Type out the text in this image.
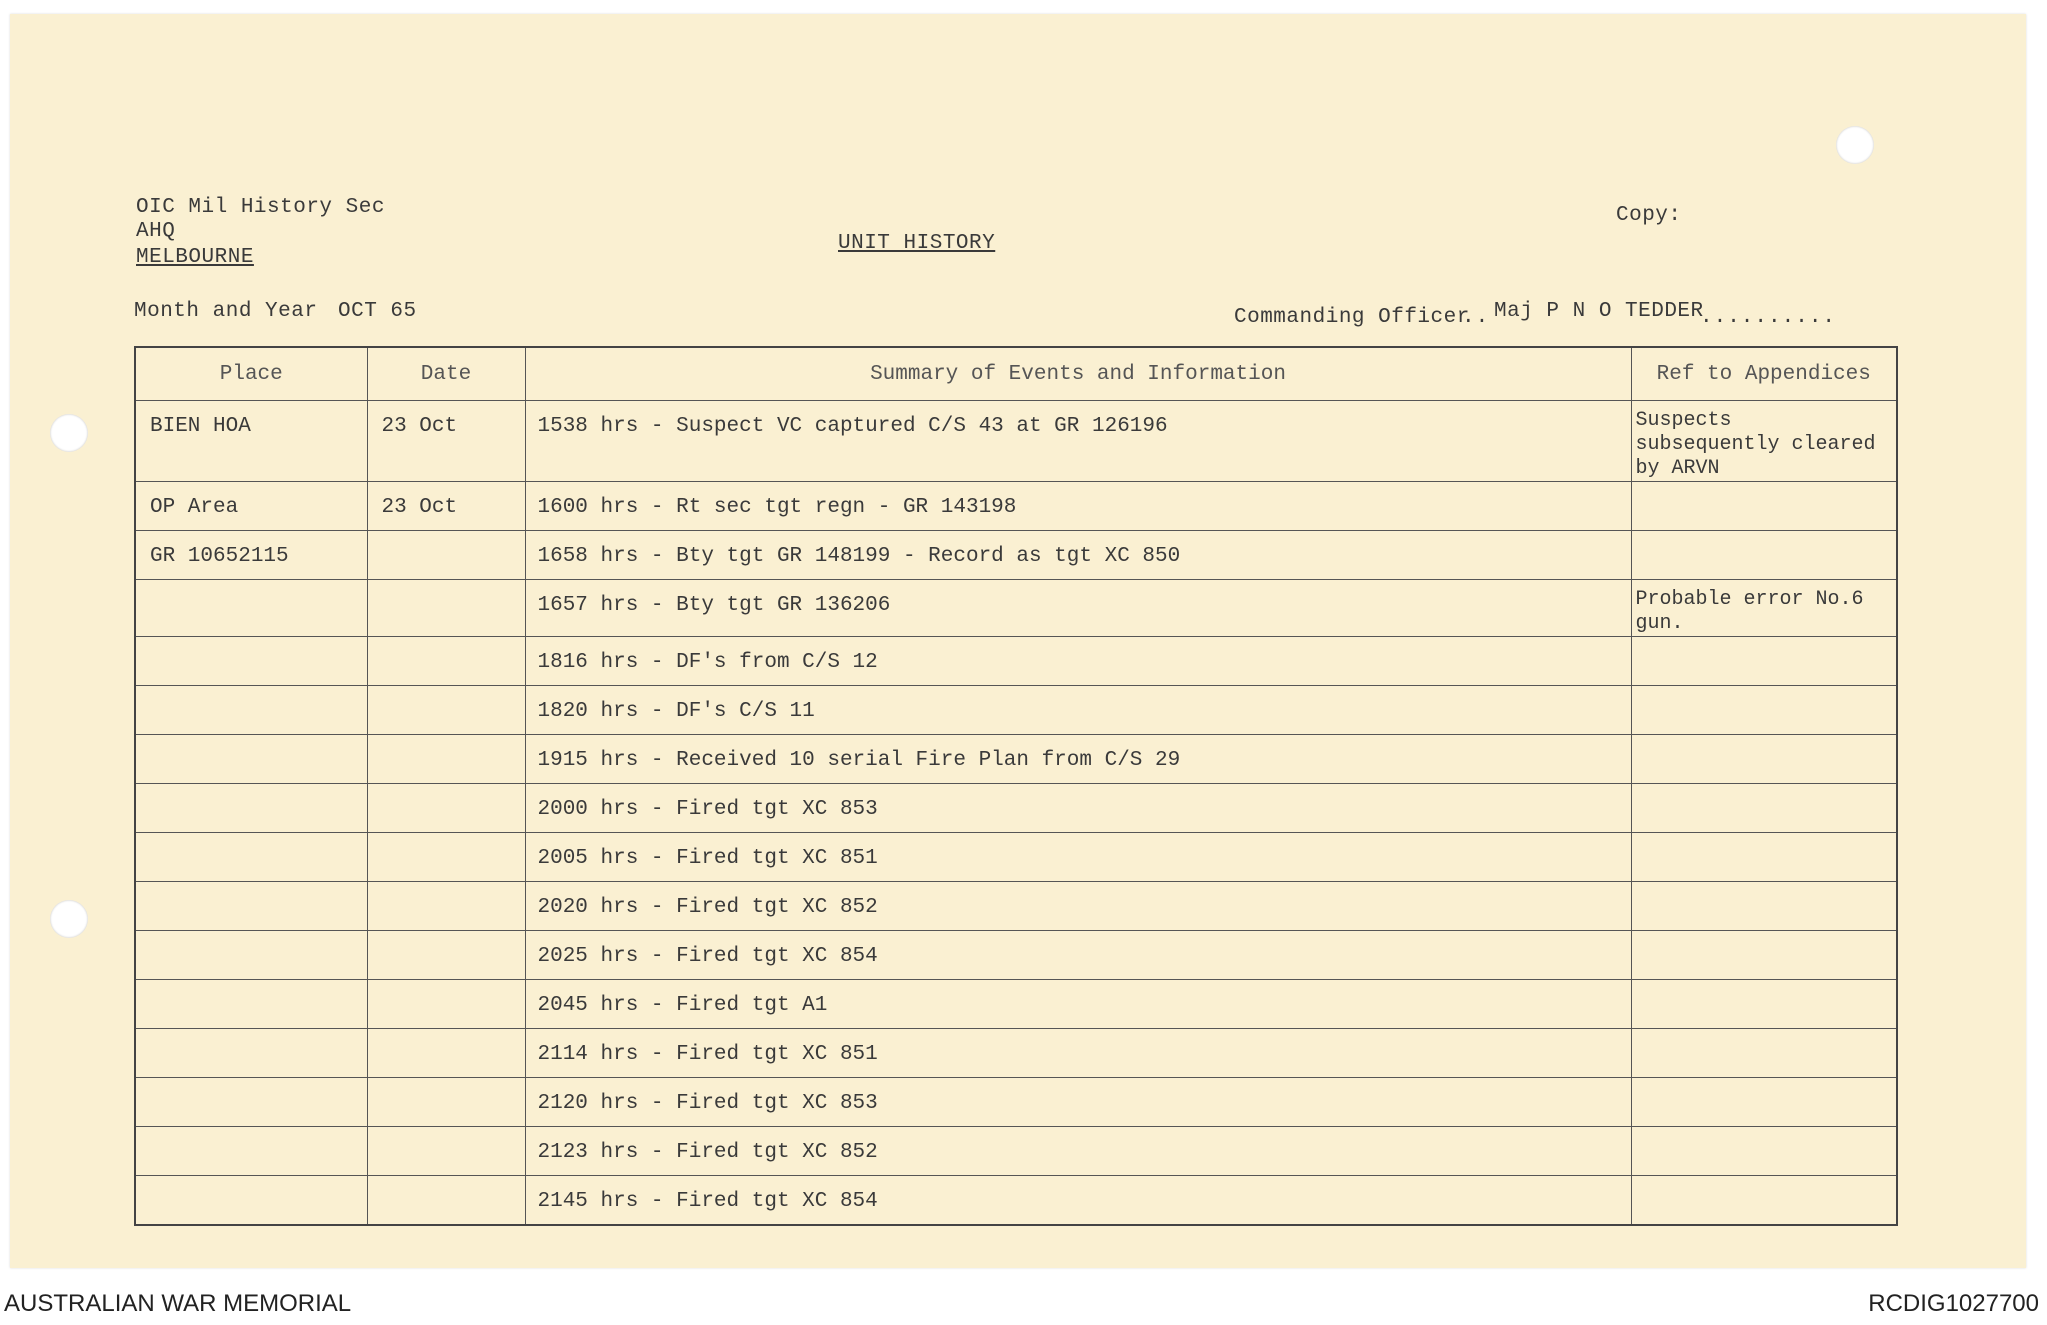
OIC Mil History Sec
AHQ
MELBOURNE
UNIT HISTORY
Copy:
Month and Year OCT 65	Commanding Officer
.. Maj P N O TEDDER
..........
Place	Date	Summary of Events and Information	Ref to Appendices
BIEN HOA	23 Oct	1538 hrs - Suspect VC captured C/S 43 at GR 126196	Suspects subsequently cleared by ARVN
OP Area	23 Oct	1600 hrs - Rt sec tgt regn - GR 143198	
GR 10652115		1658 hrs - Bty tgt GR 148199 - Record as tgt XC 850	
		1657 hrs - Bty tgt GR 136206	Probable error No.6 gun.
		1816 hrs - DF's from C/S 12	
		1820 hrs - DF's C/S 11	
		1915 hrs - Received 10 serial Fire Plan from C/S 29	
		2000 hrs - Fired tgt XC 853	
		2005 hrs - Fired tgt XC 851	
		2020 hrs - Fired tgt XC 852	
		2025 hrs - Fired tgt XC 854	
		2045 hrs - Fired tgt A1	
		2114 hrs - Fired tgt XC 851	
		2120 hrs - Fired tgt XC 853	
		2123 hrs - Fired tgt XC 852	
		2145 hrs - Fired tgt XC 854	
AUSTRALIAN WAR MEMORIAL	RCDIG1027700
